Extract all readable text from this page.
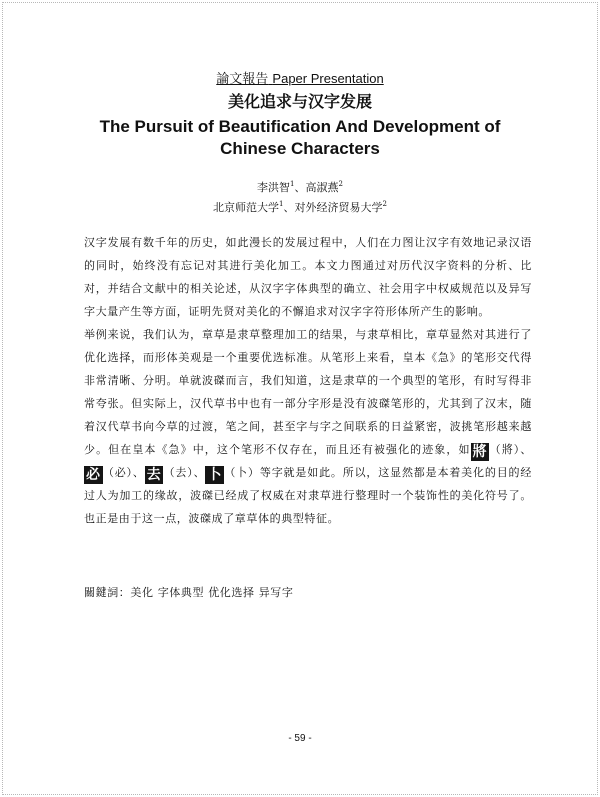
論文報告 Paper Presentation
美化追求与汉字发展
The Pursuit of Beautification And Development of Chinese Characters
李洪智$^1$、高淑燕$^2$
北京师范大学$^1$、对外经济贸易大学$^2$

汉字发展有数千年的历史，如此漫长的发展过程中，人们在力图让汉字有效地记录汉语的同时，始终没有忘记对其进行美化加工。本文力图通过对历代汉字资料的分析、比对，并结合文献中的相关论述，从汉字字体典型的确立、社会用字中权威规范以及异写字大量产生等方面，证明先贤对美化的不懈追求对汉字字符形体所产生的影响。

举例来说，我们认为，章草是隶草整理加工的结果，与隶草相比，章草显然对其进行了优化选择，而形体美观是一个重要优选标准。从笔形上来看，皇本《急》的笔形交代得非常清晰、分明。单就波磔而言，我们知道，这是隶草的一个典型的笔形，有时写得非常夸张。但实际上，汉代草书中也有一部分字形是没有波磔笔形的，尤其到了汉末，随着汉代草书向今草的过渡，笔之间，甚至字与字之间联系的日益紧密，波挑笔形越来越少。但在皇本《急》中，这个笔形不仅存在，而且还有被强化的迹象，如 將 （將）、必 （必）、 去 （去）、 卜 （卜）等字就是如此。所以，这显然都是本着美化的目的经过人为加工的缘故，波磔已经成了权威在对隶草进行整理时一个装饰性的美化符号了。也正是由于这一点，波磔成了章草体的典型特征。

關鍵詞：美化 字体典型 优化选择 异写字
- 59 -
